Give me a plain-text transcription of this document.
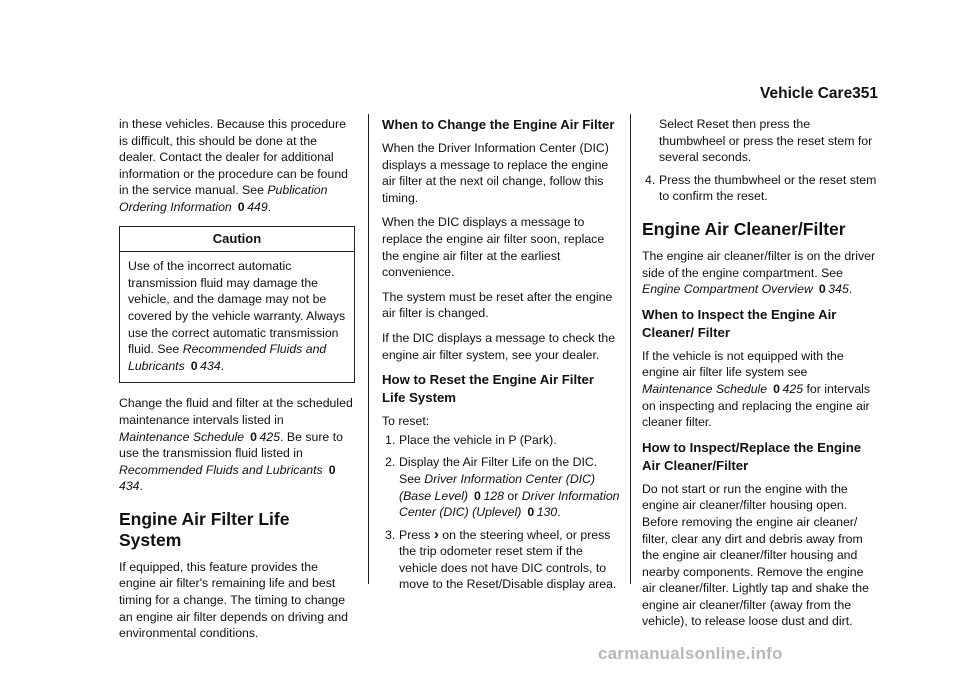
Vehicle Care 351

in these vehicles. Because this procedure is difficult, this should be done at the dealer. Contact the dealer for additional information or the procedure can be found in the service manual. See Publication Ordering Information 0 449.

Caution

Use of the incorrect automatic transmission fluid may damage the vehicle, and the damage may not be covered by the vehicle warranty. Always use the correct automatic transmission fluid. See Recommended Fluids and Lubricants 0 434.

Change the fluid and filter at the scheduled maintenance intervals listed in Maintenance Schedule 0 425. Be sure to use the transmission fluid listed in Recommended Fluids and Lubricants 0434.

Engine Air Filter Life System

If equipped, this feature provides the engine air filter's remaining life and best timing for a change. The timing to change an engine air filter depends on driving and environmental conditions.

When to Change the Engine Air Filter

When the Driver Information Center (DIC) displays a message to replace the engine air filter at the next oil change, follow this timing.

When the DIC displays a message to replace the engine air filter soon, replace the engine air filter at the earliest convenience.

The system must be reset after the engine air filter is changed.

If the DIC displays a message to check the engine air filter system, see your dealer.

How to Reset the Engine Air Filter Life System

To reset:

1. Place the vehicle in P (Park).
2. Display the Air Filter Life on the DIC. See Driver Information Center (DIC) (Base Level) 0 128 or Driver Information Center (DIC) (Uplevel) 0 130.
3. Press › on the steering wheel, or press the trip odometer reset stem if the vehicle does not have DIC controls, to move to the Reset/Disable display area.
Select Reset then press the thumbwheel or press the reset stem for several seconds.
4. Press the thumbwheel or the reset stem to confirm the reset.
Engine Air Cleaner/Filter

The engine air cleaner/filter is on the driver side of the engine compartment. See Engine Compartment Overview 0 345.

When to Inspect the Engine Air Cleaner/ Filter

If the vehicle is not equipped with the engine air filter life system see Maintenance Schedule 0 425 for intervals on inspecting and replacing the engine air cleaner filter.

How to Inspect/Replace the Engine Air Cleaner/Filter

Do not start or run the engine with the engine air cleaner/filter housing open. Before removing the engine air cleaner/ filter, clear any dirt and debris away from the engine air cleaner/filter housing and nearby components. Remove the engine air cleaner/filter. Lightly tap and shake the engine air cleaner/filter (away from the vehicle), to release loose dust and dirt.

carmanualsonline.info
